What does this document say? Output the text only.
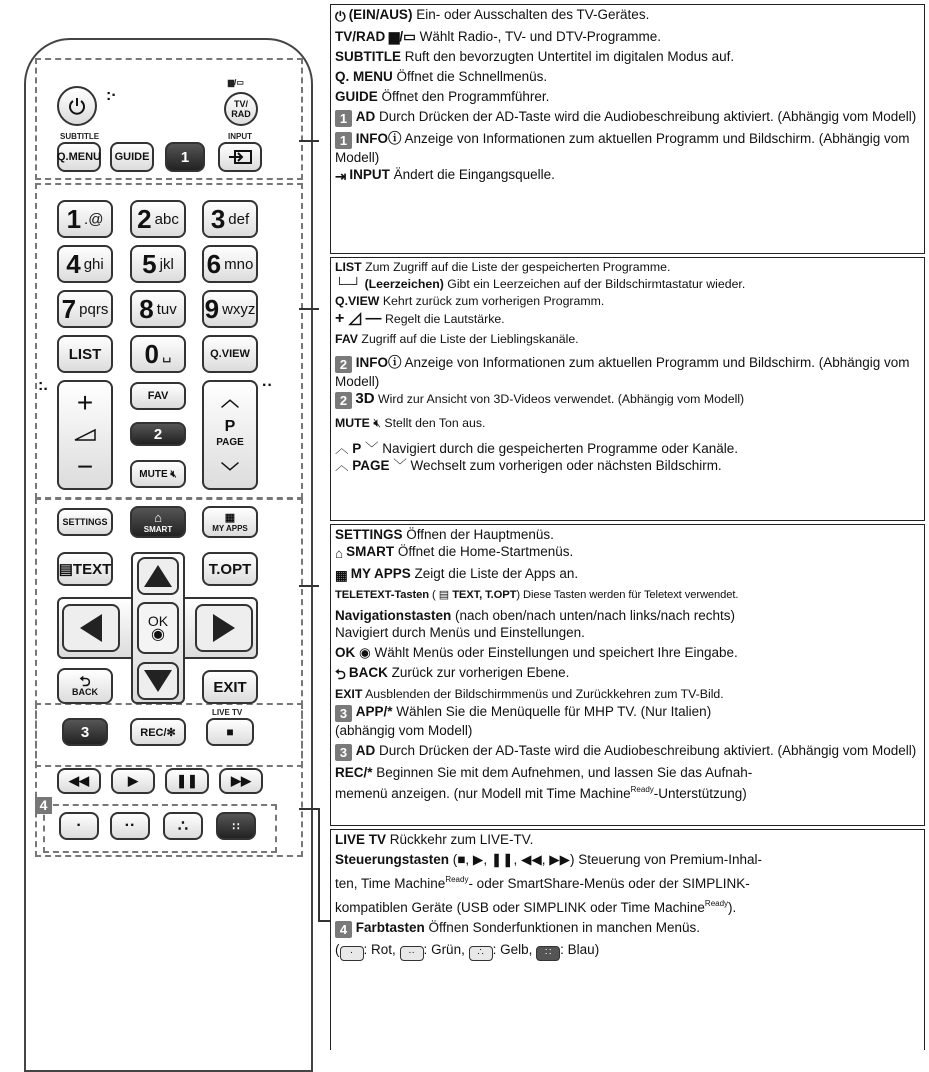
:·
▆/▭
TV/
RAD
SUBTITLE	INPUT
Q.MENU	GUIDE	1
1 .@ 2 abc 3 def
4 ghi 5 jkl 6 mno
7 pqrs 8 tuv 9 wxyz
LIST	0 ␣	Q.VIEW
:.
+
−
FAV
2
MUTE
🔇︎
··
︿
P
PAGE
﹀
SETTINGS	⌂
SMART
▦
MY APPS
▤ TEXT	T.OPT
OK
◉
⮌
BACK	EXIT
LIVE TV
3	REC/✻	■
◀◀	▶	❚❚	▶▶
4
·	··	∴	∷
⏻ (EIN/AUS) Ein- oder Ausschalten des TV-Gerätes.
TV/RAD ▆/▭ Wählt Radio-, TV- und DTV-Programme.
SUBTITLE Ruft den bevorzugten Untertitel im digitalen Modus auf.
Q. MENU Öffnet die Schnellmenüs.
GUIDE Öffnet den Programmführer.
1 AD Durch Drücken der AD-Taste wird die Audiobeschreibung aktiviert. (Abhängig vom Modell)
1 INFOⓘ Anzeige von Informationen zum aktuellen Programm und Bildschirm. (Abhängig vom Modell)
⇥ INPUT Ändert die Eingangsquelle.
LIST Zum Zugriff auf die Liste der gespeicherten Programme.
└─┘ (Leerzeichen) Gibt ein Leerzeichen auf der Bildschirmtastatur wieder.
Q.VIEW Kehrt zurück zum vorherigen Programm.
+ ◿ — Regelt die Lautstärke.
FAV Zugriff auf die Liste der Lieblingskanäle.
2 INFOⓘ Anzeige von Informationen zum aktuellen Programm und Bildschirm. (Abhängig vom Modell)
2 3D Wird zur Ansicht von 3D-Videos verwendet. (Abhängig vom Modell)
MUTE 🔇︎ Stellt den Ton aus.
︿ P ﹀ Navigiert durch die gespeicherten Programme oder Kanäle.
︿ PAGE ﹀ Wechselt zum vorherigen oder nächsten Bildschirm.
SETTINGS Öffnen der Hauptmenüs.
⌂ SMART Öffnet die Home-Startmenüs.
▦ MY APPS Zeigt die Liste der Apps an.
TELETEXT-Tasten ( ▤ TEXT, T.OPT) Diese Tasten werden für Teletext verwendet.
Navigationstasten (nach oben/nach unten/nach links/nach rechts)
Navigiert durch Menüs und Einstellungen.
OK ◉ Wählt Menüs oder Einstellungen und speichert Ihre Eingabe.
⮌ BACK Zurück zur vorherigen Ebene.
EXIT Ausblenden der Bildschirmmenüs und Zurückkehren zum TV-Bild.
3 APP/* Wählen Sie die Menüquelle für MHP TV. (Nur Italien)
(abhängig vom Modell)
3 AD Durch Drücken der AD-Taste wird die Audiobeschreibung aktiviert. (Abhängig vom Modell)
REC/* Beginnen Sie mit dem Aufnehmen, und lassen Sie das Aufnah-
memenü anzeigen. (nur Modell mit Time Machine$^{Ready}$-Unterstützung)
LIVE TV Rückkehr zum LIVE-TV.
Steuerungstasten (■, ▶, ❚❚, ◀◀, ▶▶) Steuerung von Premium-Inhal-
ten, Time Machine$^{Ready}$- oder SmartShare-Menüs oder der SIMPLINK-
kompatiblen Geräte (USB oder SIMPLINK oder Time Machine$^{Ready}$).
4 Farbtasten Öffnen Sonderfunktionen in manchen Menüs.
( · : Rot, ·· : Grün, ∴ : Gelb, ∷ : Blau)
